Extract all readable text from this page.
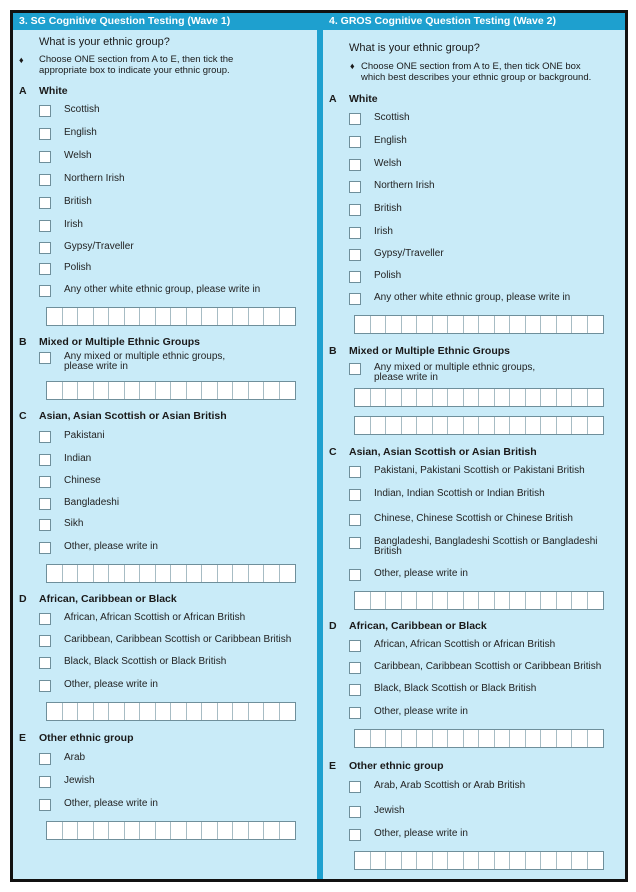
3. SG Cognitive Question Testing (Wave 1)
What is your ethnic group?
♦ Choose ONE section from A to E, then tick the
appropriate box to indicate your ethnic group.
A White
Scottish
English
Welsh
Northern Irish
British
Irish
Gypsy/Traveller
Polish
Any other white ethnic group, please write in
B Mixed or Multiple Ethnic Groups
Any mixed or multiple ethnic groups,
please write in
C Asian, Asian Scottish or Asian British
Pakistani
Indian
Chinese
Bangladeshi
Sikh
Other, please write in
D African, Caribbean or Black
African, African Scottish or African British
Caribbean, Caribbean Scottish or Caribbean British
Black, Black Scottish or Black British
Other, please write in
E Other ethnic group
Arab
Jewish
Other, please write in
4. GROS Cognitive Question Testing (Wave 2)
What is your ethnic group?
♦ Choose ONE section from A to E, then tick ONE box
which best describes your ethnic group or background.
A White
Scottish
English
Welsh
Northern Irish
British
Irish
Gypsy/Traveller
Polish
Any other white ethnic group, please write in
B Mixed or Multiple Ethnic Groups
Any mixed or multiple ethnic groups,
please write in
C Asian, Asian Scottish or Asian British
Pakistani, Pakistani Scottish or Pakistani British
Indian, Indian Scottish or Indian British
Chinese, Chinese Scottish or Chinese British
Bangladeshi, Bangladeshi Scottish or Bangladeshi
British
Other, please write in
D African, Caribbean or Black
African, African Scottish or African British
Caribbean, Caribbean Scottish or Caribbean British
Black, Black Scottish or Black British
Other, please write in
E Other ethnic group
Arab, Arab Scottish or Arab British
Jewish
Other, please write in
